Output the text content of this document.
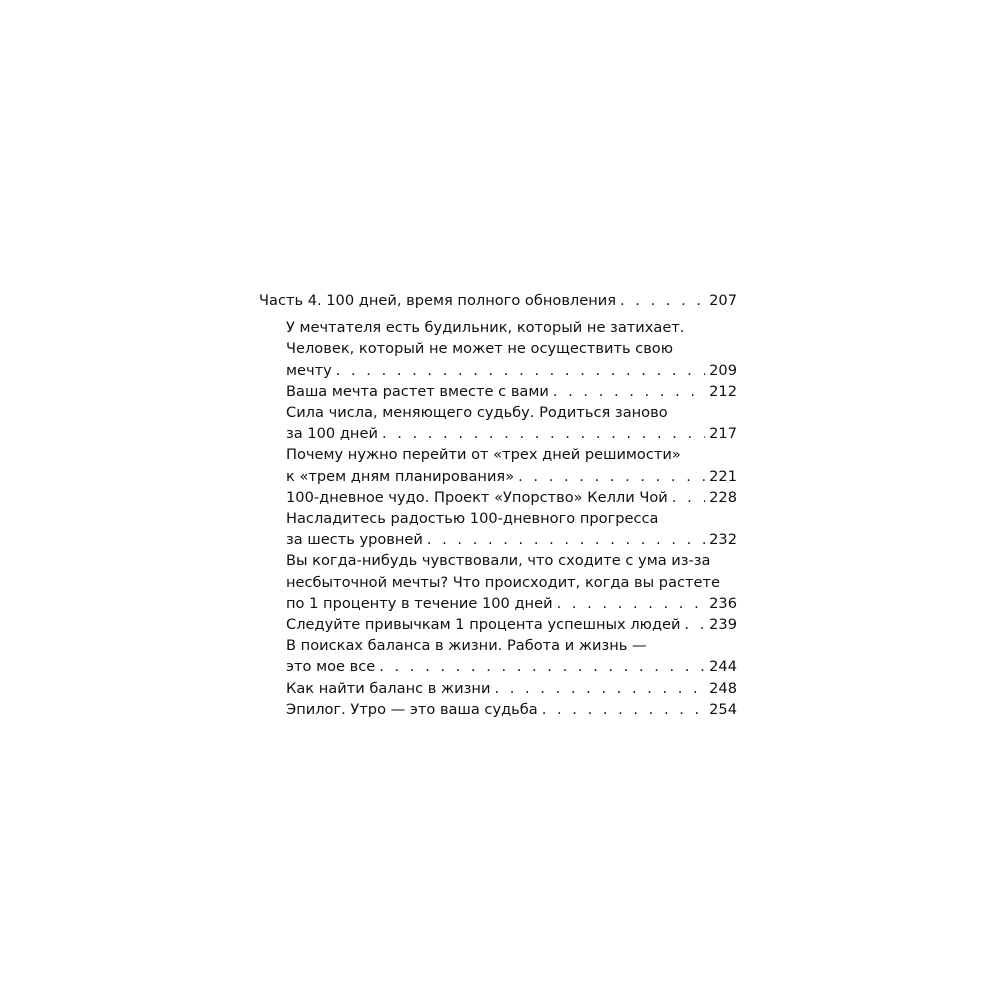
Часть 4. 100 дней, время полного обновления . . .	207
У мечтателя есть будильник, который не затихает.
Человек, который не может не осуществить свою
мечту . . .	209
Ваша мечта растет вместе с вами . . .	212
Сила числа, меняющего судьбу. Родиться заново
за 100 дней . . .	217
Почему нужно перейти от «трех дней решимости»
к «трем дням планирования» . . .	221
100-дневное чудо. Проект «Упорство» Келли Чой . . .	228
Насладитесь радостью 100-дневного прогресса
за шесть уровней . . .	232
Вы когда-нибудь чувствовали, что сходите с ума из-за
несбыточной мечты? Что происходит, когда вы растете
по 1 проценту в течение 100 дней . . .	236
Следуйте привычкам 1 процента успешных людей . . . 239
В поисках баланса в жизни. Работа и жизнь —
это мое все . . .	244
Как найти баланс в жизни . . .	248
Эпилог. Утро — это ваша судьба . . .	254
